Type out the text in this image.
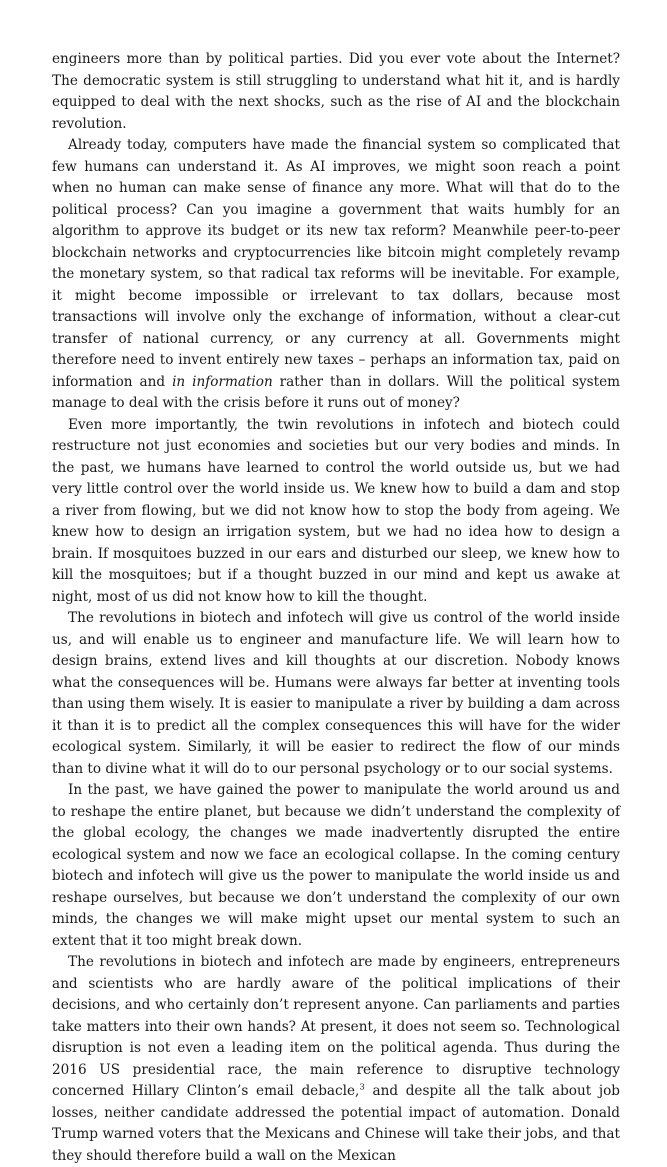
engineers more than by political parties. Did you ever vote about the Internet? The democratic system is still struggling to understand what hit it, and is hardly equipped to deal with the next shocks, such as the rise of AI and the blockchain revolution.

Already today, computers have made the financial system so complicated that few humans can understand it. As AI improves, we might soon reach a point when no human can make sense of finance any more. What will that do to the political process? Can you imagine a government that waits humbly for an algorithm to approve its budget or its new tax reform? Meanwhile peer-to-peer blockchain networks and cryptocurrencies like bitcoin might completely revamp the monetary system, so that radical tax reforms will be inevitable. For example, it might become impossible or irrelevant to tax dollars, because most transactions will involve only the exchange of information, without a clear-cut transfer of national currency, or any currency at all. Governments might therefore need to invent entirely new taxes – perhaps an information tax, paid on information and in information rather than in dollars. Will the political system manage to deal with the crisis before it runs out of money?

Even more importantly, the twin revolutions in infotech and biotech could restructure not just economies and societies but our very bodies and minds. In the past, we humans have learned to control the world outside us, but we had very little control over the world inside us. We knew how to build a dam and stop a river from flowing, but we did not know how to stop the body from ageing. We knew how to design an irrigation system, but we had no idea how to design a brain. If mosquitoes buzzed in our ears and disturbed our sleep, we knew how to kill the mosquitoes; but if a thought buzzed in our mind and kept us awake at night, most of us did not know how to kill the thought.

The revolutions in biotech and infotech will give us control of the world inside us, and will enable us to engineer and manufacture life. We will learn how to design brains, extend lives and kill thoughts at our discretion. Nobody knows what the consequences will be. Humans were always far better at inventing tools than using them wisely. It is easier to manipulate a river by building a dam across it than it is to predict all the complex consequences this will have for the wider ecological system. Similarly, it will be easier to redirect the flow of our minds than to divine what it will do to our personal psychology or to our social systems.

In the past, we have gained the power to manipulate the world around us and to reshape the entire planet, but because we didn’t understand the complexity of the global ecology, the changes we made inadvertently disrupted the entire ecological system and now we face an ecological collapse. In the coming century biotech and infotech will give us the power to manipulate the world inside us and reshape ourselves, but because we don’t understand the complexity of our own minds, the changes we will make might upset our mental system to such an extent that it too might break down.

The revolutions in biotech and infotech are made by engineers, entrepreneurs and scientists who are hardly aware of the political implications of their decisions, and who certainly don’t represent anyone. Can parliaments and parties take matters into their own hands? At present, it does not seem so. Technological disruption is not even a leading item on the political agenda. Thus during the 2016 US presidential race, the main reference to disruptive technology concerned Hillary Clinton’s email debacle,$^3$ and despite all the talk about job losses, neither candidate addressed the potential impact of automation. Donald Trump warned voters that the Mexicans and Chinese will take their jobs, and that they should therefore build a wall on the Mexican
